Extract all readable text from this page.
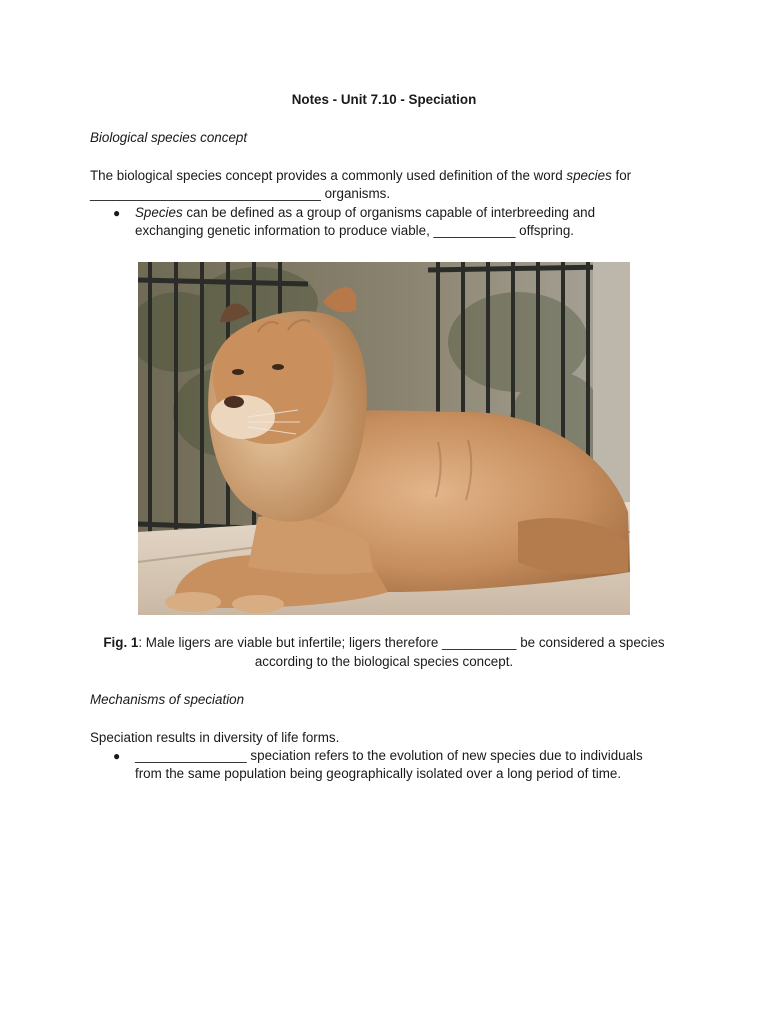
Notes - Unit 7.10 - Speciation
Biological species concept
The biological species concept provides a commonly used definition of the word species for
_______________________________ organisms.
● Species can be defined as a group of organisms capable of interbreeding and
exchanging genetic information to produce viable, ___________ offspring.
Fig. 1: Male ligers are viable but infertile; ligers therefore __________ be considered a species
according to the biological species concept.
Mechanisms of speciation
Speciation results in diversity of life forms.
● _______________ speciation refers to the evolution of new species due to individuals
from the same population being geographically isolated over a long period of time.
